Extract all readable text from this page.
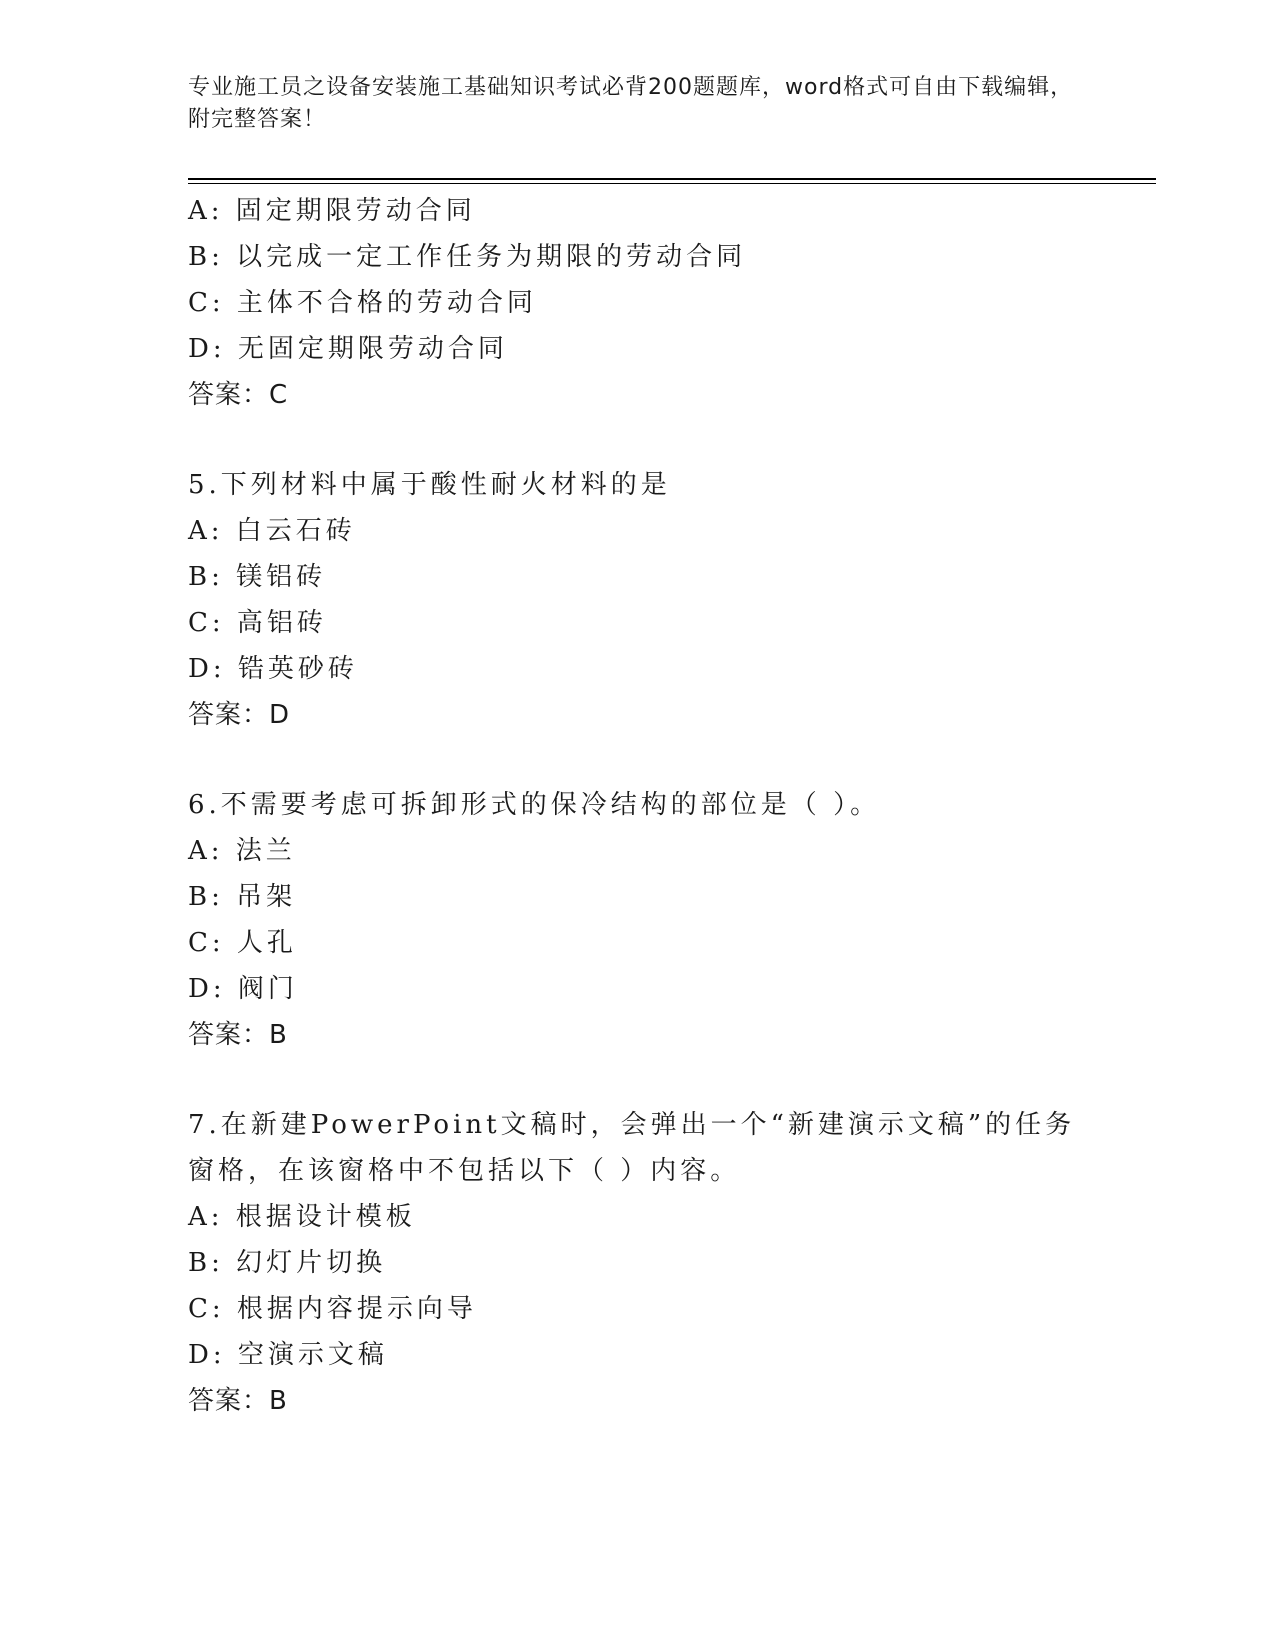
专业施工员之设备安装施工基础知识考试必背200题题库，word格式可自由下载编辑，附完整答案！
A: 固定期限劳动合同
B: 以完成一定工作任务为期限的劳动合同
C: 主体不合格的劳动合同
D: 无固定期限劳动合同
答案：C
5.下列材料中属于酸性耐火材料的是
A: 白云石砖
B: 镁铝砖
C: 高铝砖
D: 锆英砂砖
答案：D
6.不需要考虑可拆卸形式的保冷结构的部位是（ ）。
A: 法兰
B: 吊架
C: 人孔
D: 阀门
答案：B
7.在新建PowerPoint文稿时，会弹出一个“新建演示文稿”的任务窗格，在该窗格中不包括以下（ ）内容。
A: 根据设计模板
B: 幻灯片切换
C: 根据内容提示向导
D: 空演示文稿
答案：B
